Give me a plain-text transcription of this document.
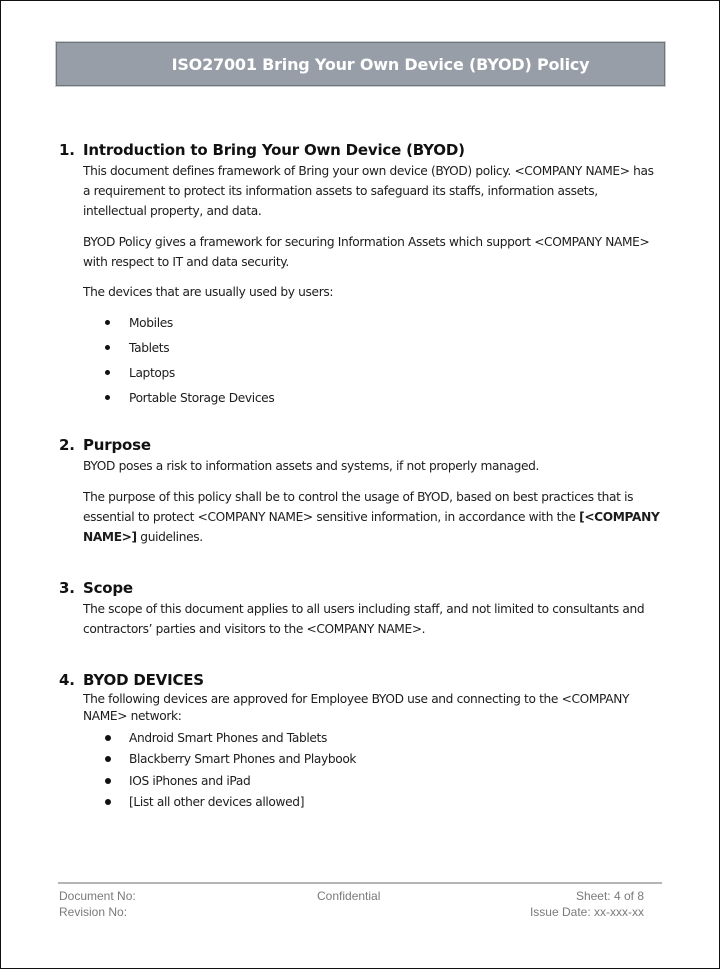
ISO27001 Bring Your Own Device (BYOD) Policy
1. Introduction to Bring Your Own Device (BYOD)

This document defines framework of Bring your own device (BYOD) policy. <COMPANY NAME> has a requirement to protect its information assets to safeguard its staffs, information assets, intellectual property, and data.

BYOD Policy gives a framework for securing Information Assets which support <COMPANY NAME> with respect to IT and data security.

The devices that are usually used by users:

Mobiles
Tablets
Laptops
Portable Storage Devices
2. Purpose

BYOD poses a risk to information assets and systems, if not properly managed.

The purpose of this policy shall be to control the usage of BYOD, based on best practices that is essential to protect <COMPANY NAME> sensitive information, in accordance with the [<COMPANY NAME>] guidelines.

3. Scope

The scope of this document applies to all users including staff, and not limited to consultants and contractors’ parties and visitors to the <COMPANY NAME>.

4. BYOD DEVICES

The following devices are approved for Employee BYOD use and connecting to the <COMPANY NAME> network:

Android Smart Phones and Tablets
Blackberry Smart Phones and Playbook
IOS iPhones and iPad
[List all other devices allowed]
Document No:
Revision No:
Confidential	Sheet: 4 of 8
Issue Date: xx-xxx-xx
